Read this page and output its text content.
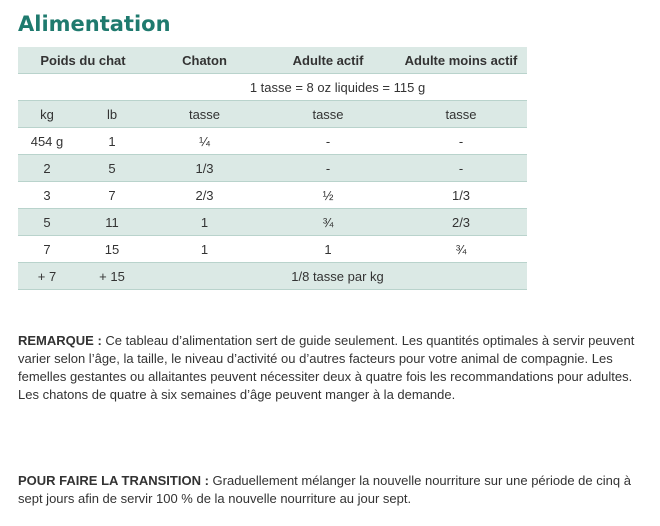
Alimentation
Poids du chat		Chaton	Adulte actif	Adulte moins actif
		1 tasse = 8 oz liquides = 115 g		
kg	lb	tasse	tasse	tasse
454 g	1	¼	-	-
2	5	1/3	-	-
3	7	2/3	½	1/3
5	11	1	¾	2/3
7	15	1	1	¾
+ 7	+ 15	1/8 tasse par kg		

REMARQUE : Ce tableau d’alimentation sert de guide seulement. Les quantités optimales à servir peuvent varier selon l’âge, la taille, le niveau d’activité ou d’autres facteurs pour votre animal de compagnie. Les femelles gestantes ou allaitantes peuvent nécessiter deux à quatre fois les recommandations pour adultes. Les chatons de quatre à six semaines d’âge peuvent manger à la demande.

POUR FAIRE LA TRANSITION : Graduellement mélanger la nouvelle nourriture sur une période de cinq à sept jours afin de servir 100 % de la nouvelle nourriture au jour sept.
